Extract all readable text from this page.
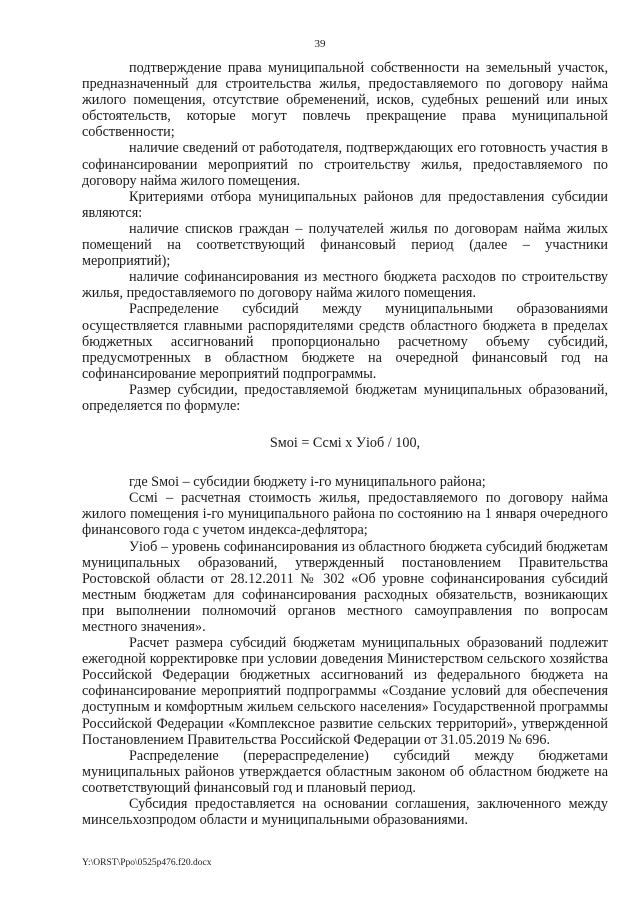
39

подтверждение права муниципальной собственности на земельный участок, предназначенный для строительства жилья, предоставляемого по договору найма жилого помещения, отсутствие обременений, исков, судебных решений или иных обстоятельств, которые могут повлечь прекращение права муниципальной собственности;

наличие сведений от работодателя, подтверждающих его готовность участия в софинансировании мероприятий по строительству жилья, предоставляемого по договору найма жилого помещения.

Критериями отбора муниципальных районов для предоставления субсидии являются:

наличие списков граждан – получателей жилья по договорам найма жилых помещений на соответствующий финансовый период (далее – участники мероприятий);

наличие софинансирования из местного бюджета расходов по строительству жилья, предоставляемого по договору найма жилого помещения.

Распределение субсидий между муниципальными образованиями осуществляется главными распорядителями средств областного бюджета в пределах бюджетных ассигнований пропорционально расчетному объему субсидий, предусмотренных в областном бюджете на очередной финансовый год на софинансирование мероприятий подпрограммы.

Размер субсидии, предоставляемой бюджетам муниципальных образований, определяется по формуле:

Sмоi = Ссмi х Уiоб / 100,

где Sмоi – субсидии бюджету i-го муниципального района;

Ссмi – расчетная стоимость жилья, предоставляемого по договору найма жилого помещения i-го муниципального района по состоянию на 1 января очередного финансового года с учетом индекса-дефлятора;

Уiоб – уровень софинансирования из областного бюджета субсидий бюджетам муниципальных образований, утвержденный постановлением Правительства Ростовской области от 28.12.2011 № 302 «Об уровне софинансирования субсидий местным бюджетам для софинансирования расходных обязательств, возникающих при выполнении полномочий органов местного самоуправления по вопросам местного значения».

Расчет размера субсидий бюджетам муниципальных образований подлежит ежегодной корректировке при условии доведения Министерством сельского хозяйства Российской Федерации бюджетных ассигнований из федерального бюджета на софинансирование мероприятий подпрограммы «Создание условий для обеспечения доступным и комфортным жильем сельского населения» Государственной программы Российской Федерации «Комплексное развитие сельских территорий», утвержденной Постановлением Правительства Российской Федерации от 31.05.2019 № 696.

Распределение (перераспределение) субсидий между бюджетами муниципальных районов утверждается областным законом об областном бюджете на соответствующий финансовый год и плановый период.

Субсидия предоставляется на основании соглашения, заключенного между минсельхозпродом области и муниципальными образованиями.

Y:\ORST\Ppo\0525p476.f20.docx
